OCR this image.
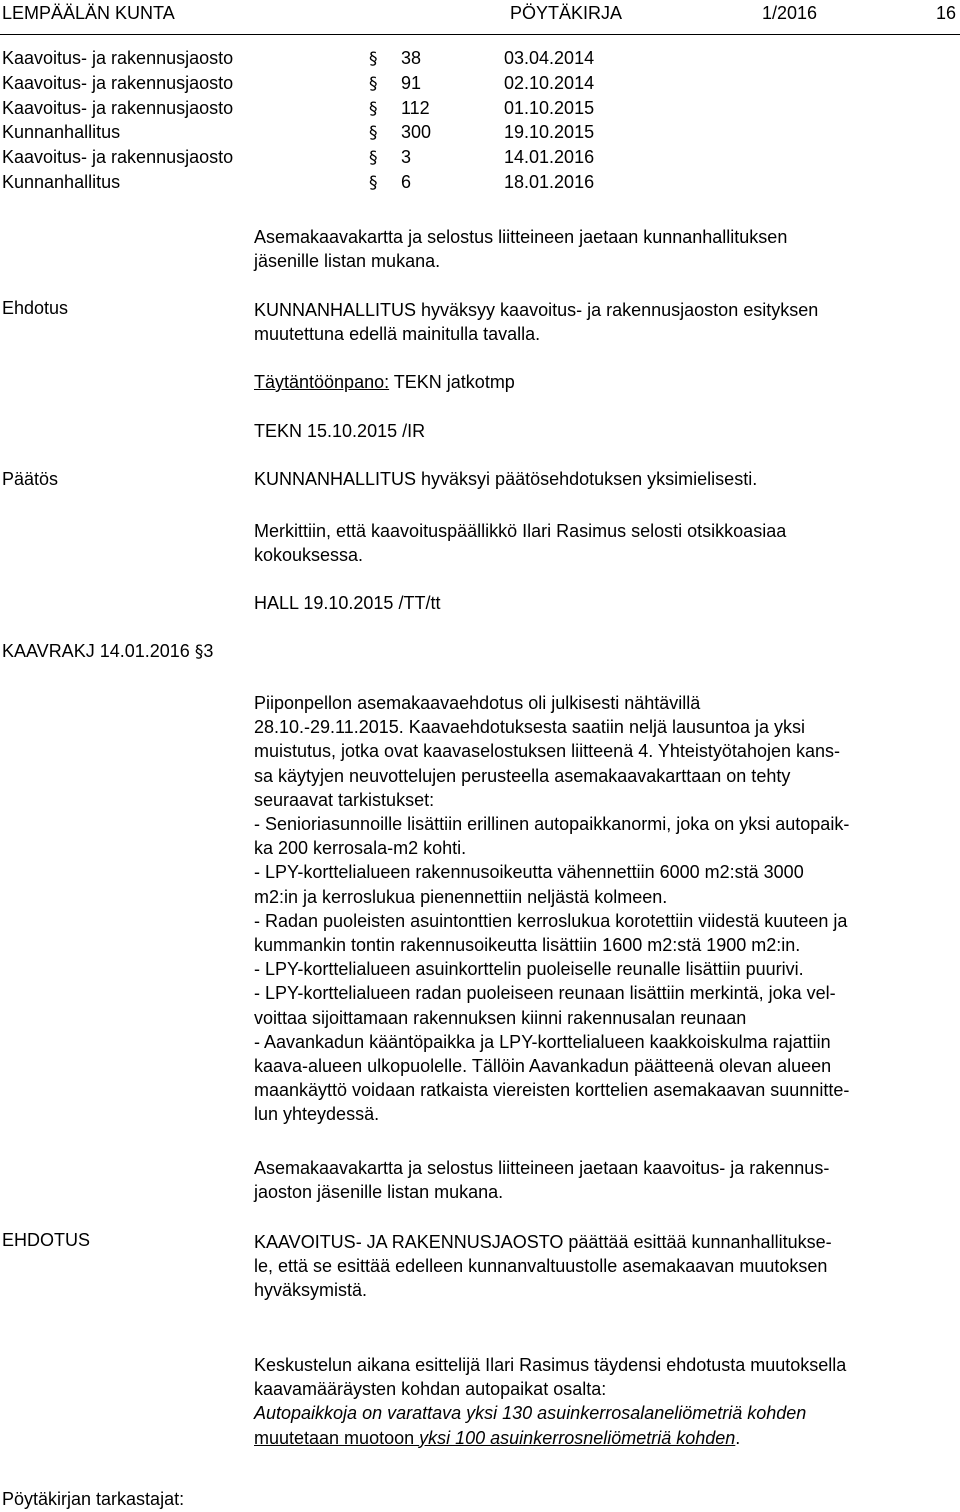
LEMPÄÄLÄN KUNTA	PÖYTÄKIRJA	1/2016	16
Kaavoitus- ja rakennusjaosto	§ 38	03.04.2014
Kaavoitus- ja rakennusjaosto	§ 91	02.10.2014
Kaavoitus- ja rakennusjaosto	§ 112	01.10.2015
Kunnanhallitus	§ 300	19.10.2015
Kaavoitus- ja rakennusjaosto	§ 3	14.01.2016
Kunnanhallitus	§ 6	18.01.2016
Asemakaavakartta ja selostus liitteineen jaetaan kunnanhallituksen
jäsenille listan mukana.
Ehdotus	KUNNANHALLITUS hyväksyy kaavoitus- ja rakennusjaoston esityksen
muutettuna edellä mainitulla tavalla.
Täytäntöönpano: TEKN jatkotmp
TEKN 15.10.2015 /IR
Päätös	KUNNANHALLITUS hyväksyi päätösehdotuksen yksimielisesti.
Merkittiin, että kaavoituspäällikkö Ilari Rasimus selosti otsikkoasiaa
kokouksessa.
HALL 19.10.2015 /TT/tt
KAAVRAKJ 14.01.2016 §3
Piiponpellon asemakaavaehdotus oli julkisesti nähtävillä
28.10.-29.11.2015. Kaavaehdotuksesta saatiin neljä lausuntoa ja yksi
muistutus, jotka ovat kaavaselostuksen liitteenä 4. Yhteistyötahojen kans-
sa käytyjen neuvottelujen perusteella asemakaavakarttaan on tehty
seuraavat tarkistukset:
- Senioriasunnoille lisättiin erillinen autopaikkanormi, joka on yksi autopaik-
ka 200 kerrosala-m2 kohti.
- LPY-korttelialueen rakennusoikeutta vähennettiin 6000 m2:stä 3000
m2:in ja kerroslukua pienennettiin neljästä kolmeen.
- Radan puoleisten asuintonttien kerroslukua korotettiin viidestä kuuteen ja
kummankin tontin rakennusoikeutta lisättiin 1600 m2:stä 1900 m2:in.
- LPY-korttelialueen asuinkorttelin puoleiselle reunalle lisättiin puurivi.
- LPY-korttelialueen radan puoleiseen reunaan lisättiin merkintä, joka vel-
voittaa sijoittamaan rakennuksen kiinni rakennusalan reunaan
- Aavankadun kääntöpaikka ja LPY-korttelialueen kaakkoiskulma rajattiin
kaava-alueen ulkopuolelle. Tällöin Aavankadun päätteenä olevan alueen
maankäyttö voidaan ratkaista viereisten korttelien asemakaavan suunnitte-
lun yhteydessä.
Asemakaavakartta ja selostus liitteineen jaetaan kaavoitus- ja rakennus-
jaoston jäsenille listan mukana.
EHDOTUS	KAAVOITUS- JA RAKENNUSJAOSTO päättää esittää kunnanhallitukse-
le, että se esittää edelleen kunnanvaltuustolle asemakaavan muutoksen
hyväksymistä.
Keskustelun aikana esittelijä Ilari Rasimus täydensi ehdotusta muutoksella
kaavamääräysten kohdan autopaikat osalta:
Autopaikkoja on varattava yksi 130 asuinkerrosalaneliömetriä kohden
muutetaan muotoon yksi 100 asuinkerrosneliömetriä kohden.
Pöytäkirjan tarkastajat:
